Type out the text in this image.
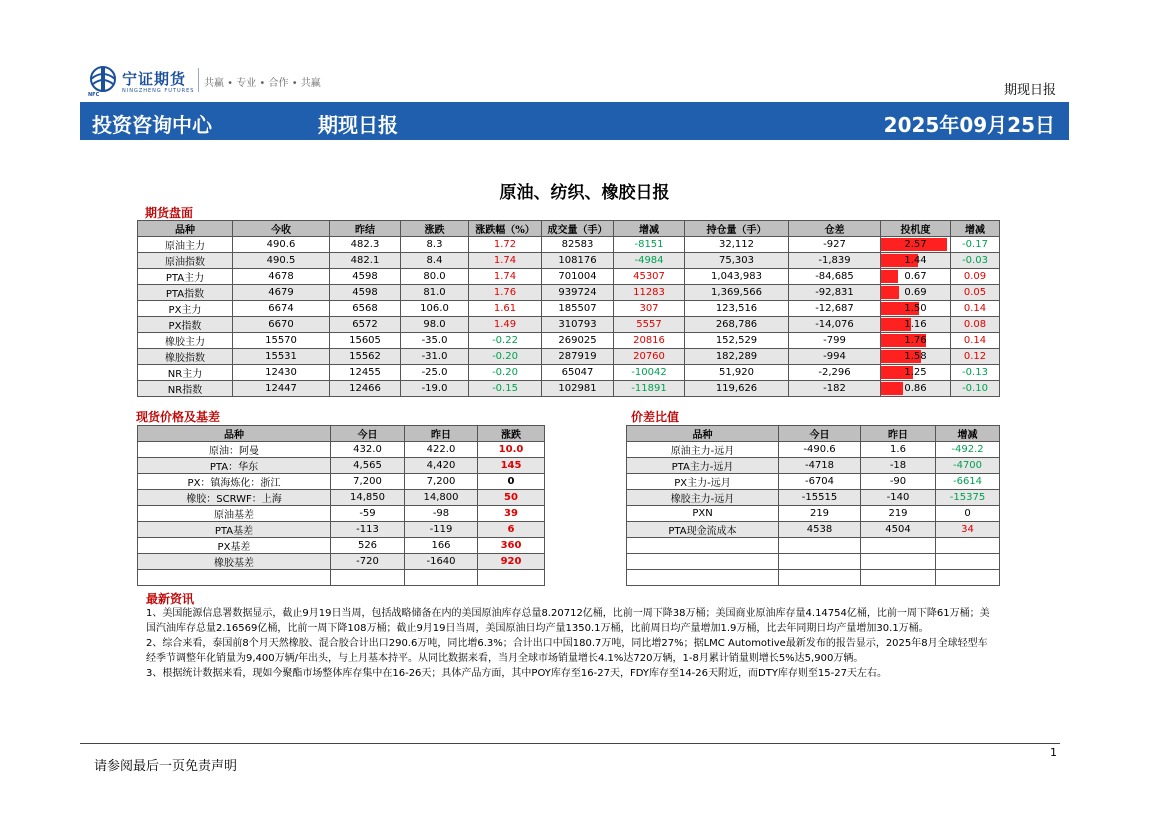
宁证期货
NINGZHENG FUTURES
共赢 • 专业 • 合作 • 共赢
NFC	期现日报
投资咨询中心	期现日报	2025年09月25日
原油、纺织、橡胶日报
期货盘面
品种	今收	昨结	涨跌	涨跌幅（%）	成交量（手）	增减	持仓量（手）	仓差	投机度	增减
原油主力	490.6	482.3	8.3	1.72	82583	-8151	32,112	-927	2.57	-0.17
原油指数	490.5	482.1	8.4	1.74	108176	-4984	75,303	-1,839	1.44	-0.03
PTA主力	4678	4598	80.0	1.74	701004	45307	1,043,983	-84,685	0.67	0.09
PTA指数	4679	4598	81.0	1.76	939724	11283	1,369,566	-92,831	0.69	0.05
PX主力	6674	6568	106.0	1.61	185507	307	123,516	-12,687	1.50	0.14
PX指数	6670	6572	98.0	1.49	310793	5557	268,786	-14,076	1.16	0.08
橡胶主力	15570	15605	-35.0	-0.22	269025	20816	152,529	-799	1.76	0.14
橡胶指数	15531	15562	-31.0	-0.20	287919	20760	182,289	-994	1.58	0.12
NR主力	12430	12455	-25.0	-0.20	65047	-10042	51,920	-2,296	1.25	-0.13
NR指数	12447	12466	-19.0	-0.15	102981	-11891	119,626	-182	0.86	-0.10
现货价格及基差
品种	今日	昨日	涨跌
原油：阿曼	432.0	422.0	10.0
PTA：华东	4,565	4,420	145
PX：镇海炼化：浙江	7,200	7,200	0
橡胶：SCRWF：上海	14,850	14,800	50
原油基差	-59	-98	39
PTA基差	-113	-119	6
PX基差	526	166	360
橡胶基差	-720	-1640	920

价差比值
品种	今日	昨日	增减
原油主力-远月	-490.6	1.6	-492.2
PTA主力-远月	-4718	-18	-4700
PX主力-远月	-6704	-90	-6614
橡胶主力-远月	-15515	-140	-15375
PXN	219	219	0
PTA现金流成本	4538	4504	34

最新资讯

1、美国能源信息署数据显示，截止9月19日当周，包括战略储备在内的美国原油库存总量8.20712亿桶，比前一周下降38万桶；美国商业原油库存量4.14754亿桶，比前一周下降61万桶；美国汽油库存总量2.16569亿桶，比前一周下降108万桶；截止9月19日当周，美国原油日均产量1350.1万桶，比前周日均产量增加1.9万桶，比去年同期日均产量增加30.1万桶。

2、综合来看，泰国前8个月天然橡胶、混合胶合计出口290.6万吨，同比增6.3%；合计出口中国180.7万吨，同比增27%；据LMC Automotive最新发布的报告显示，2025年8月全球轻型车经季节调整年化销量为9,400万辆/年出头，与上月基本持平。从同比数据来看，当月全球市场销量增长4.1%达720万辆，1-8月累计销量则增长5%达5,900万辆。

3、根据统计数据来看，现如今聚酯市场整体库存集中在16-26天；具体产品方面，其中POY库存至16-27天，FDY库存至14-26天附近，而DTY库存则至15-27天左右。

1
请参阅最后一页免责声明
